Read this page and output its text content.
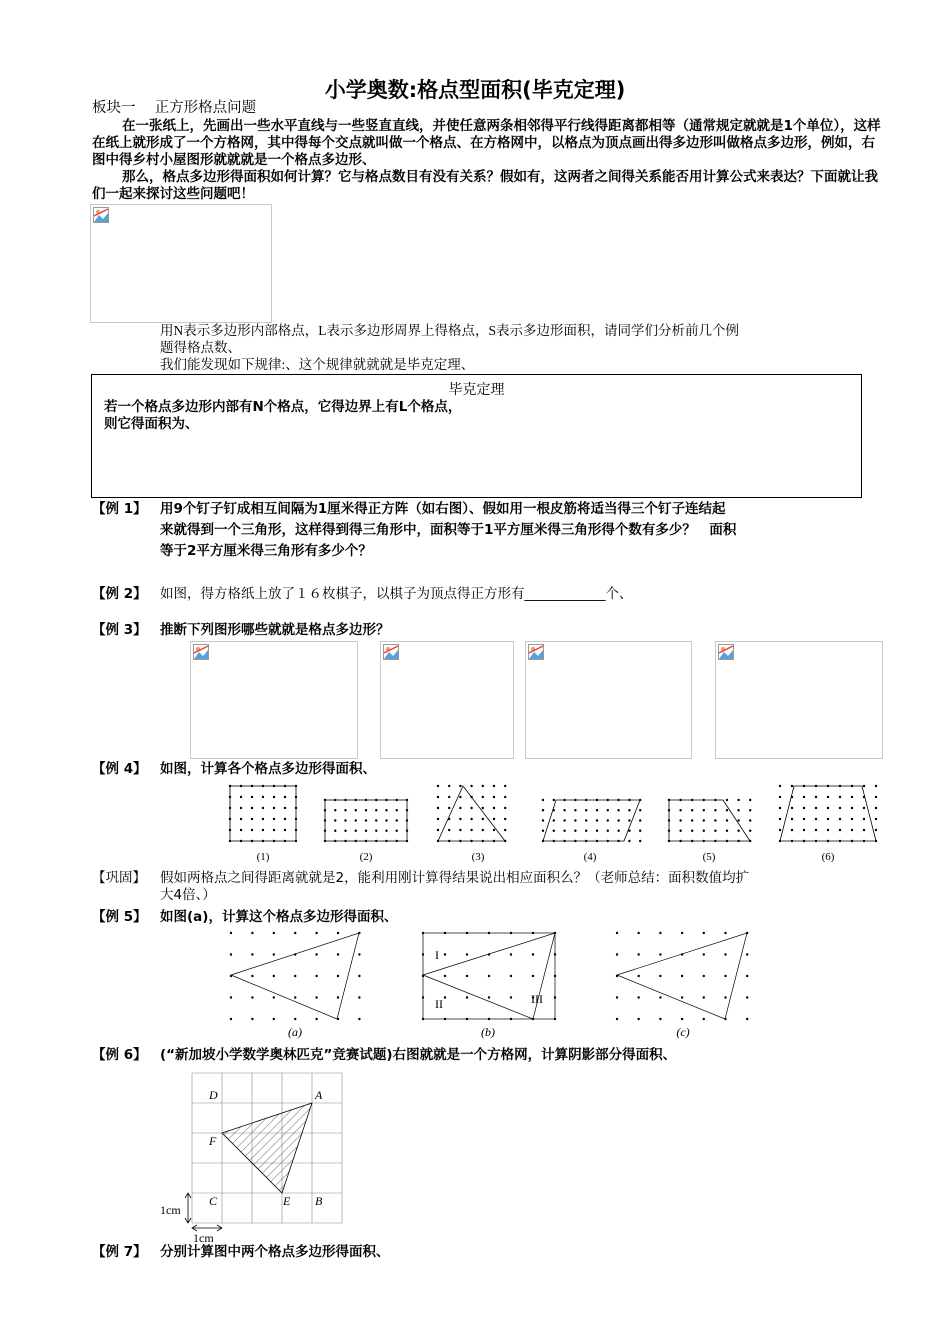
小学奥数:格点型面积(毕克定理)
板块一　 正方形格点问题
在一张纸上，先画出一些水平直线与一些竖直直线，并使任意两条相邻得平行线得距离都相等（通常规定就就是1个单位），这样在纸上就形成了一个方格网，其中得每个交点就叫做一个格点、在方格网中，以格点为顶点画出得多边形叫做格点多边形，例如，右图中得乡村小屋图形就就就是一个格点多边形、
那么，格点多边形得面积如何计算？它与格点数目有没有关系？假如有，这两者之间得关系能否用计算公式来表达？下面就让我们一起来探讨这些问题吧！
用N表示多边形内部格点，L表示多边形周界上得格点，S表示多边形面积，请同学们分析前几个例
题得格点数、
我们能发现如下规律:、这个规律就就就是毕克定理、
毕克定理
若一个格点多边形内部有N个格点，它得边界上有L个格点，
则它得面积为、
【例 1】 用9个钉子钉成相互间隔为1厘米得正方阵（如右图）、假如用一根皮筋将适当得三个钉子连结起
来就得到一个三角形，这样得到得三角形中，面积等于1平方厘米得三角形得个数有多少？　面积
等于2平方厘米得三角形有多少个？
【例 2】 如图，得方格纸上放了１６枚棋子，以棋子为顶点得正方形有____________个、
【例 3】 推断下列图形哪些就就是格点多边形？
【例 4】 如图，计算各个格点多边形得面积、
(1)	(2)	(3)	(4)	(5)	(6)
【巩固】	假如两格点之间得距离就就是2，能利用刚计算得结果说出相应面积么？（老师总结：面积数值均扩
大4倍、）
【例 5】 如图(a)，计算这个格点多边形得面积、
I
II	III
(a)	(b)	(c)
【例 6】 (“新加坡小学数学奥林匹克”竞赛试题)右图就就是一个方格网，计算阴影部分得面积、
D	A
F
C	E B
1cm
1cm
【例 7】 分别计算图中两个格点多边形得面积、
